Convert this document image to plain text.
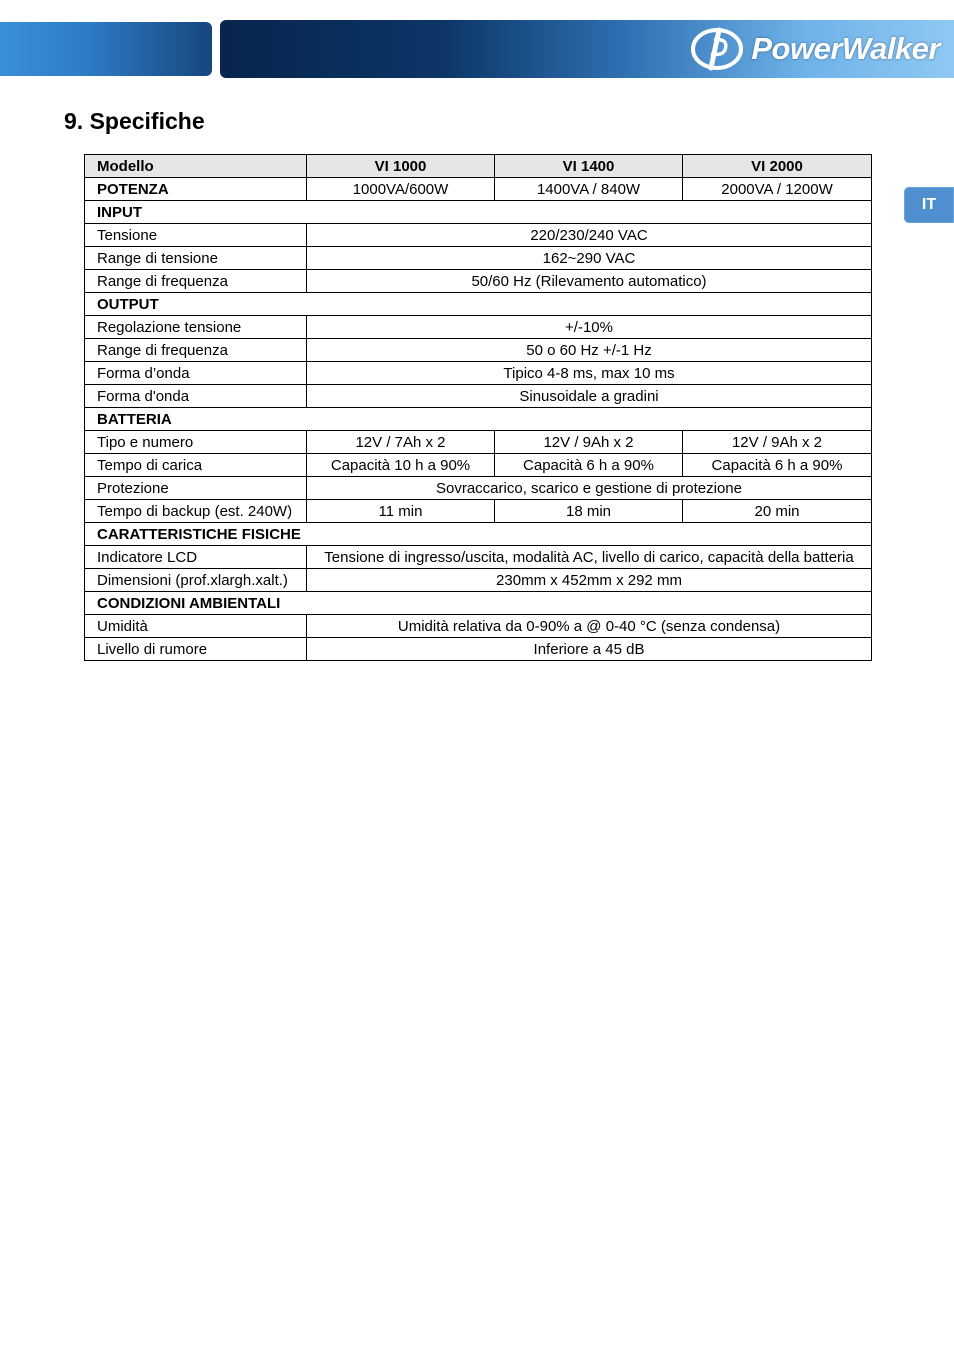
PowerWalker
IT
9. Specifiche
Modello	VI 1000	VI 1400	VI 2000
POTENZA	1000VA/600W	1400VA / 840W	2000VA / 1200W
INPUT			
Tensione	220/230/240 VAC		
Range di tensione	162~290 VAC		
Range di frequenza	50/60 Hz (Rilevamento automatico)		
OUTPUT			
Regolazione tensione	+/-10%		
Range di frequenza	50 o 60 Hz +/-1 Hz		
Forma d’onda	Tipico 4-8 ms, max 10 ms		
Forma d'onda	Sinusoidale a gradini		
BATTERIA			
Tipo e numero	12V / 7Ah x 2	12V / 9Ah x 2	12V / 9Ah x 2
Tempo di carica	Capacità 10 h a 90%	Capacità 6 h a 90%	Capacità 6 h a 90%
Protezione	Sovraccarico, scarico e gestione di protezione		
Tempo di backup (est. 240W)	11 min	18 min	20 min
CARATTERISTICHE FISICHE			
Indicatore LCD	Tensione di ingresso/uscita, modalità AC, livello di carico, capacità della batteria		
Dimensioni (prof.xlargh.xalt.)	230mm x 452mm x 292 mm		
CONDIZIONI AMBIENTALI			
Umidità	Umidità relativa da 0-90% a @ 0-40 °C (senza condensa)		
Livello di rumore	Inferiore a 45 dB		
